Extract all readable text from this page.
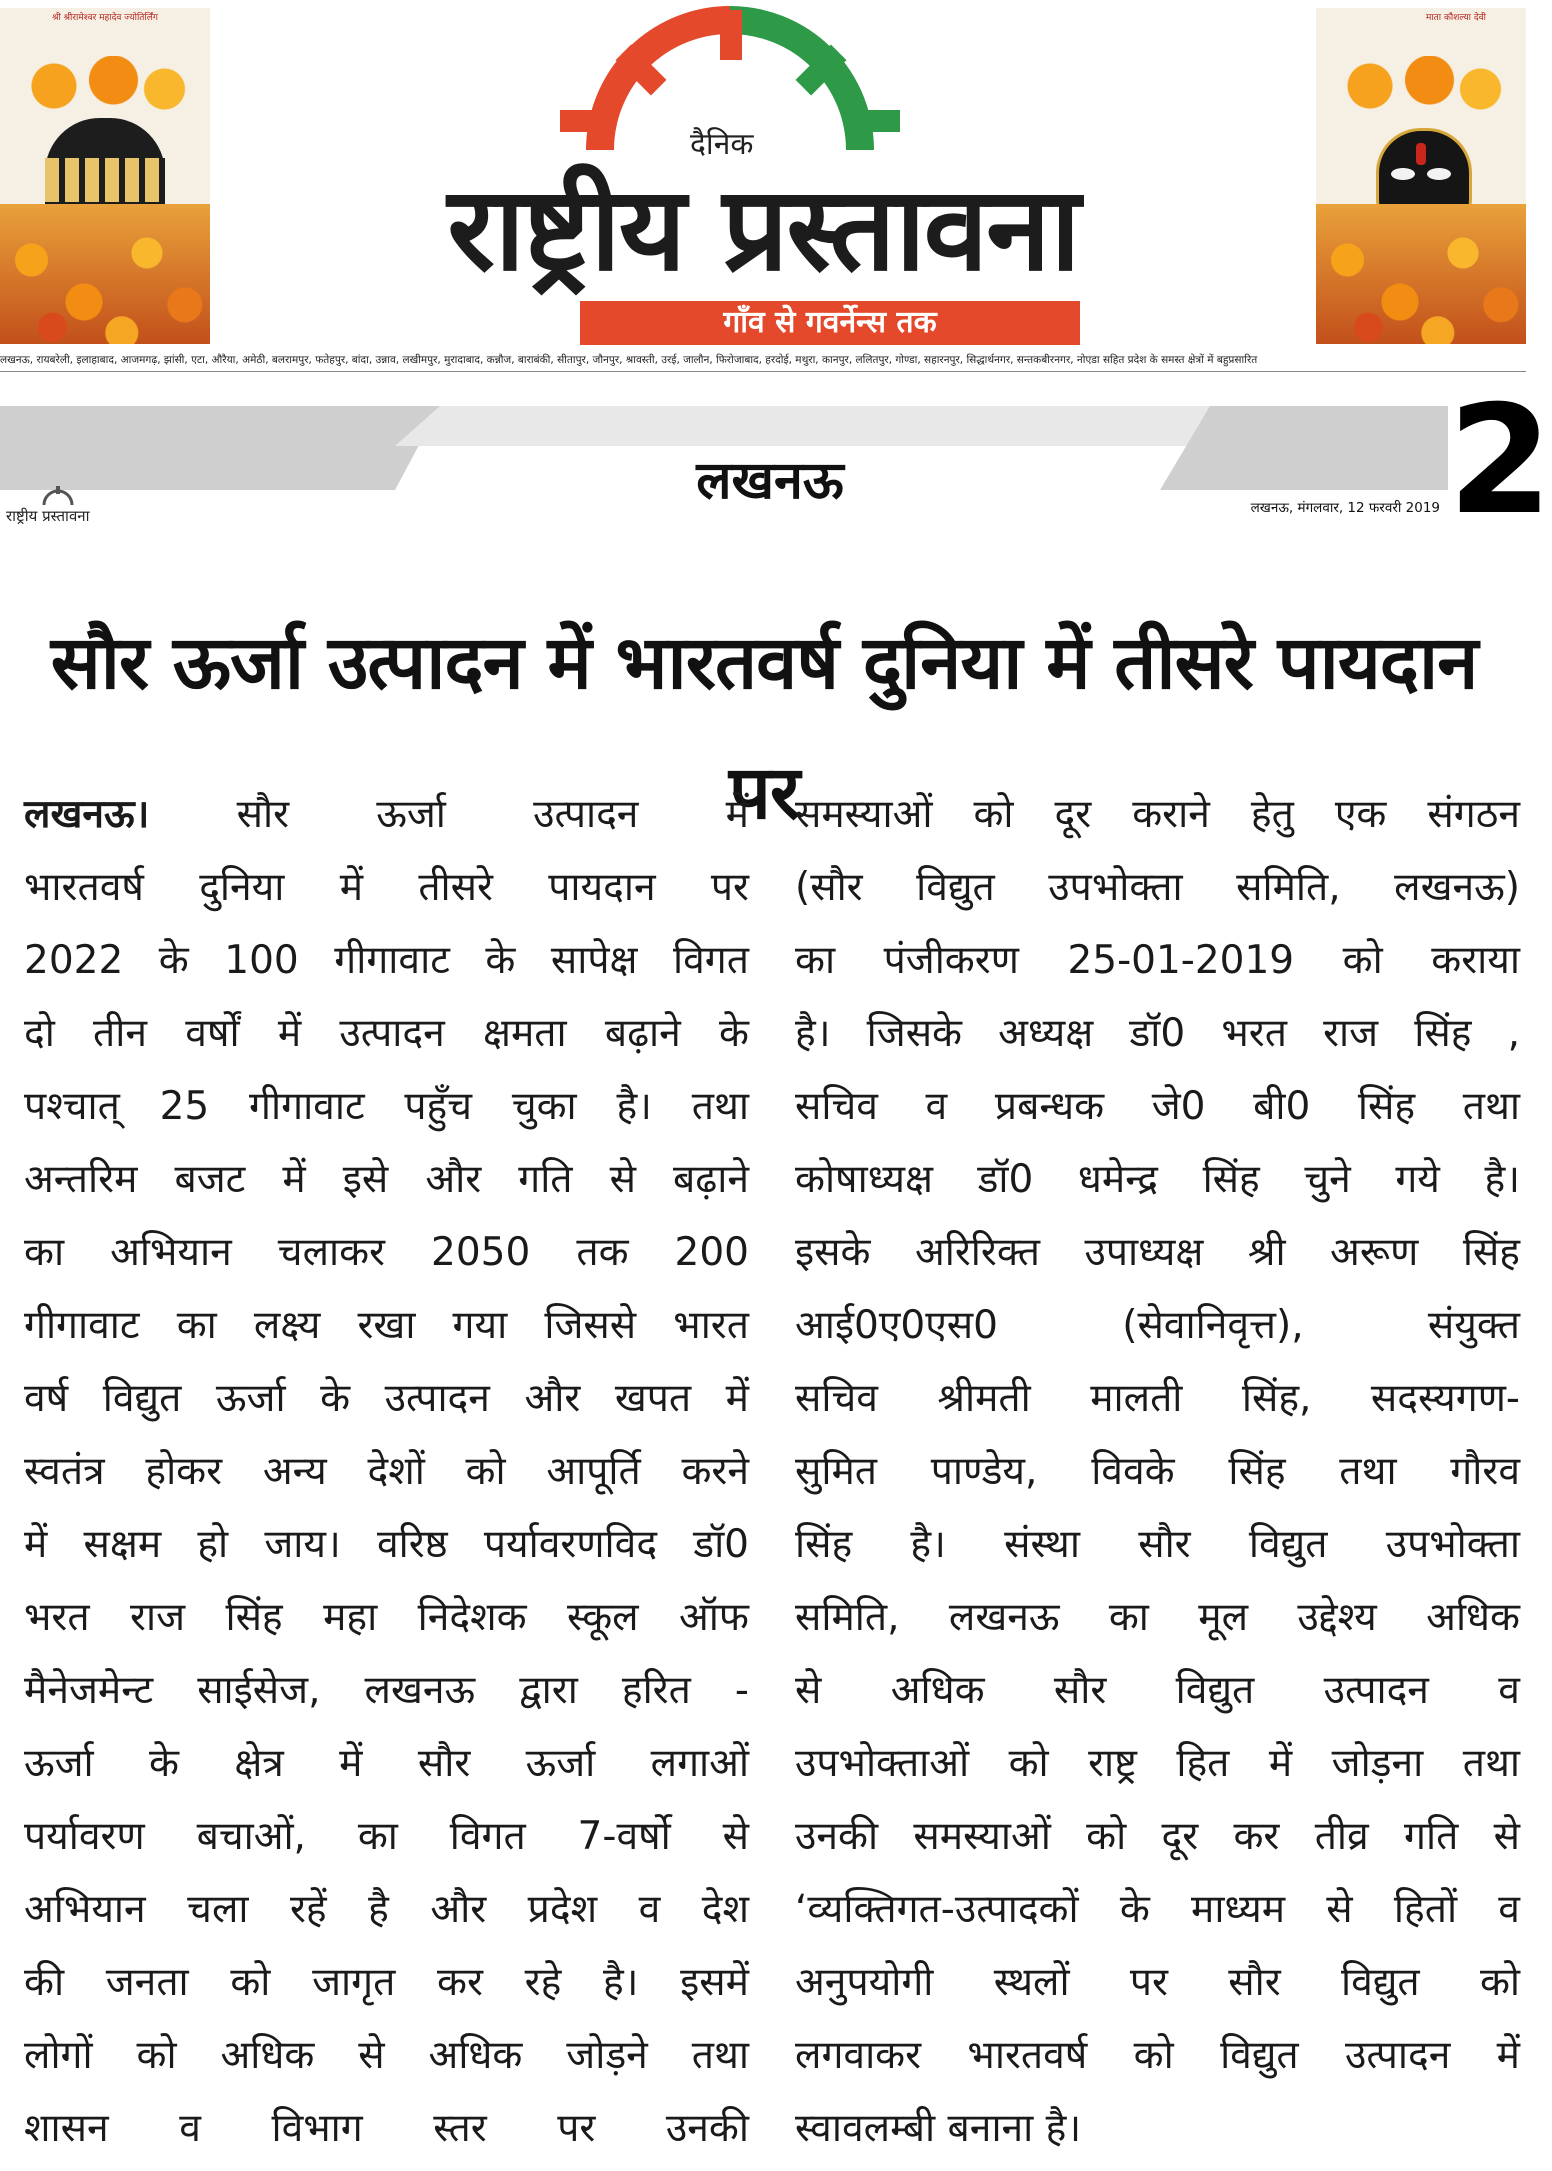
श्री श्रीरामेश्वर महादेव ज्योतिर्लिंग	माता कौशल्या देवी
दैनिक
राष्ट्रीय प्रस्तावना
गाँव से गवर्नेन्स तक
लखनऊ, रायबरेली, इलाहाबाद, आजमगढ़, झांसी, एटा, औरैया, अमेठी, बलरामपुर, फतेहपुर, बांदा, उन्नाव, लखीमपुर, मुरादाबाद, कन्नौज, बाराबंकी, सीतापुर, जौनपुर, श्रावस्ती, उरई, जालौन, फिरोजाबाद, हरदोई, मथुरा, कानपुर, ललितपुर, गोण्डा, सहारनपुर, सिद्धार्थनगर, सन्तकबीरनगर, नोएडा सहित प्रदेश के समस्त क्षेत्रों में बहुप्रसारित
राष्ट्रीय प्रस्तावना
लखनऊ	लखनऊ, मंगलवार, 12 फरवरी 2019 2
सौर ऊर्जा उत्पादन में भारतवर्ष दुनिया में तीसरे पायदान पर
लखनऊ। सौर ऊर्जा उत्पादन में
भारतवर्ष दुनिया में तीसरे पायदान पर
2022 के 100 गीगावाट के सापेक्ष विगत
दो तीन वर्षों में उत्पादन क्षमता बढ़ाने के
पश्चात् 25 गीगावाट पहुँच चुका है। तथा
अन्तरिम बजट में इसे और गति से बढ़ाने
का अभियान चलाकर 2050 तक 200
गीगावाट का लक्ष्य रखा गया जिससे भारत
वर्ष विद्युत ऊर्जा के उत्पादन और खपत में
स्वतंत्र होकर अन्य देशों को आपूर्ति करने
में सक्षम हो जाय। वरिष्ठ पर्यावरणविद डॉ0
भरत राज सिंह महा निदेशक स्कूल ऑफ
मैनेजमेन्ट साईसेज, लखनऊ द्वारा हरित -
ऊर्जा के क्षेत्र में सौर ऊर्जा लगाओं
पर्यावरण बचाओं, का विगत 7-वर्षो से
अभियान चला रहें है और प्रदेश व देश
की जनता को जागृत कर रहे है। इसमें
लोगों को अधिक से अधिक जोड़ने तथा
शासन व विभाग स्तर पर उनकी
समस्याओं को दूर कराने हेतु एक संगठन
(सौर विद्युत उपभोक्ता समिति, लखनऊ)
का पंजीकरण 25-01-2019 को कराया
है। जिसके अध्यक्ष डॉ0 भरत राज सिंह ,
सचिव व प्रबन्धक जे0 बी0 सिंह तथा
कोषाध्यक्ष डॉ0 धमेन्द्र सिंह चुने गये है।
इसके अरिरिक्त उपाध्यक्ष श्री अरूण सिंह
आई0ए0एस0 (सेवानिवृत्त), संयुक्त
सचिव श्रीमती मालती सिंह, सदस्यगण-
सुमित पाण्डेय, विवके सिंह तथा गौरव
सिंह है। संस्था सौर विद्युत उपभोक्ता
समिति, लखनऊ का मूल उद्देश्य अधिक
से अधिक सौर विद्युत उत्पादन व
उपभोक्ताओं को राष्ट्र हित में जोड़ना तथा
उनकी समस्याओं को दूर कर तीव्र गति से
‘व्यक्तिगत-उत्पादकों के माध्यम से हितों व
अनुपयोगी स्थलों पर सौर विद्युत को
लगवाकर भारतवर्ष को विद्युत उत्पादन में
स्वावलम्बी बनाना है।
